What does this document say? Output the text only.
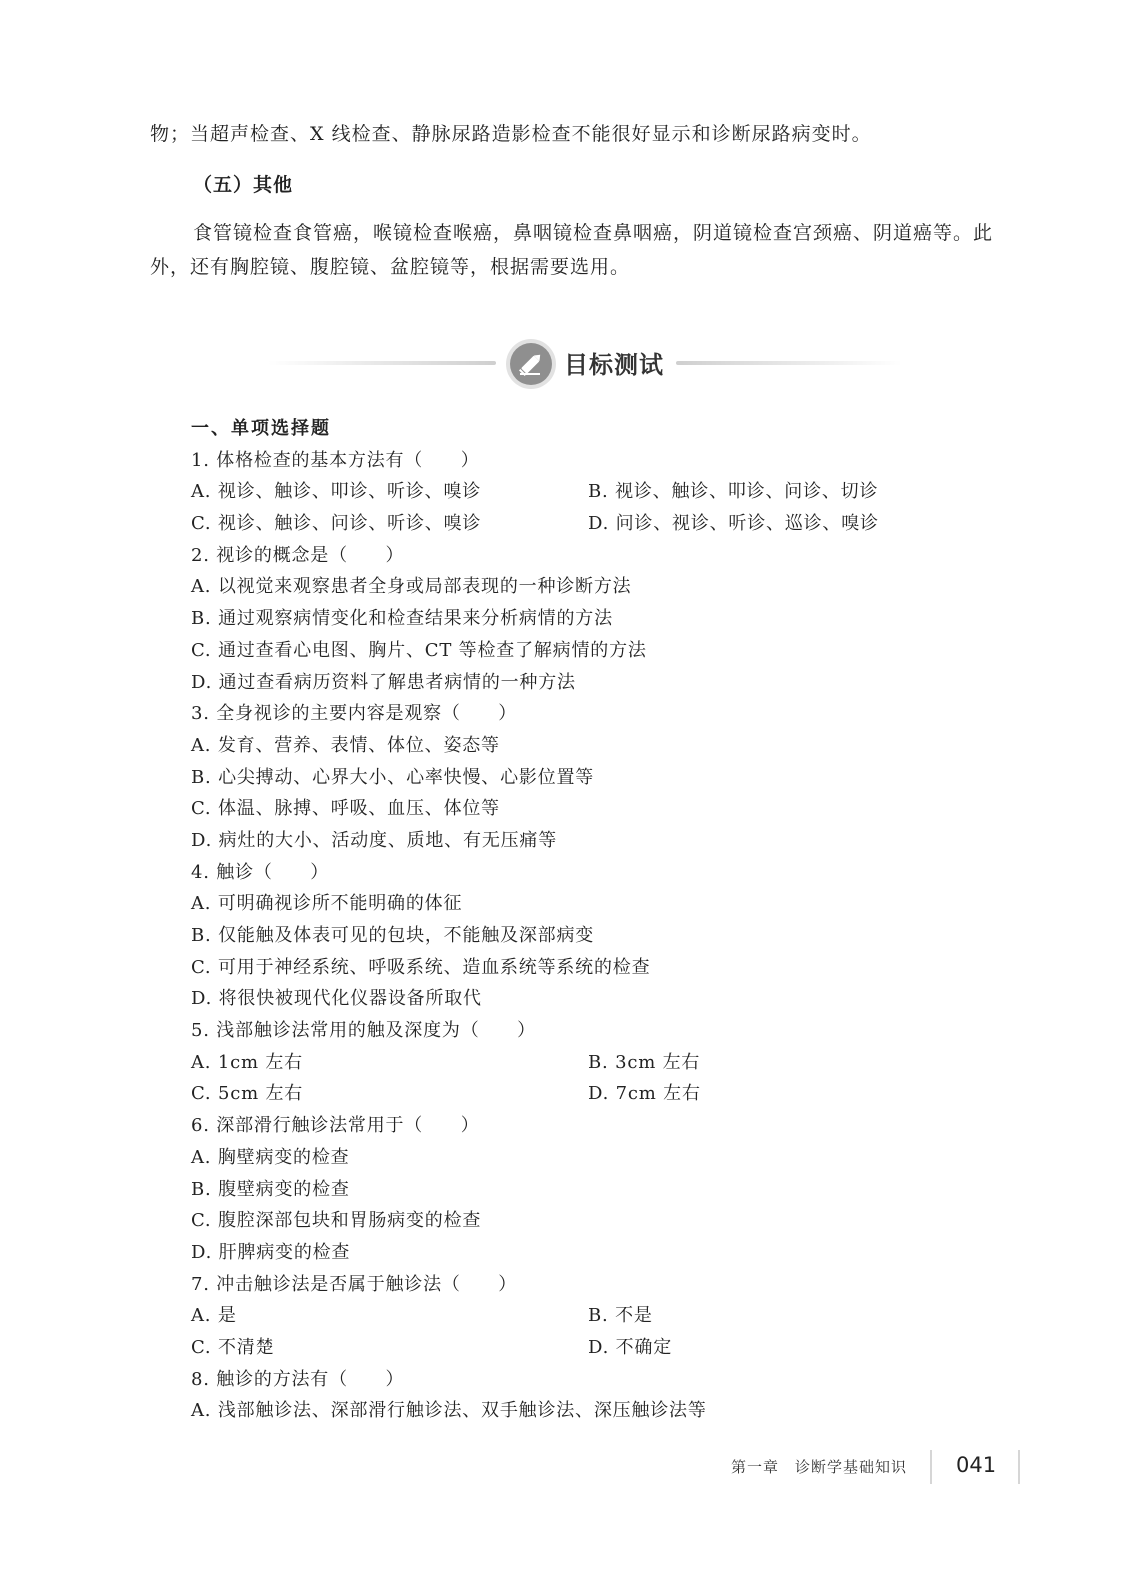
物；当超声检查、X 线检查、静脉尿路造影检查不能很好显示和诊断尿路病变时。
（五）其他
食管镜检查食管癌，喉镜检查喉癌，鼻咽镜检查鼻咽癌，阴道镜检查宫颈癌、阴道癌等。此外，还有胸腔镜、腹腔镜、盆腔镜等，根据需要选用。
目标测试
一、单项选择题
1. 体格检查的基本方法有（　　）
A. 视诊、触诊、叩诊、听诊、嗅诊	B. 视诊、触诊、叩诊、问诊、切诊
C. 视诊、触诊、问诊、听诊、嗅诊	D. 问诊、视诊、听诊、巡诊、嗅诊
2. 视诊的概念是（　　）
A. 以视觉来观察患者全身或局部表现的一种诊断方法
B. 通过观察病情变化和检查结果来分析病情的方法
C. 通过查看心电图、胸片、CT 等检查了解病情的方法
D. 通过查看病历资料了解患者病情的一种方法
3. 全身视诊的主要内容是观察（　　）
A. 发育、营养、表情、体位、姿态等
B. 心尖搏动、心界大小、心率快慢、心影位置等
C. 体温、脉搏、呼吸、血压、体位等
D. 病灶的大小、活动度、质地、有无压痛等
4. 触诊（　　）
A. 可明确视诊所不能明确的体征
B. 仅能触及体表可见的包块，不能触及深部病变
C. 可用于神经系统、呼吸系统、造血系统等系统的检查
D. 将很快被现代化仪器设备所取代
5. 浅部触诊法常用的触及深度为（　　）
A. 1cm 左右	B. 3cm 左右
C. 5cm 左右	D. 7cm 左右
6. 深部滑行触诊法常用于（　　）
A. 胸壁病变的检查
B. 腹壁病变的检查
C. 腹腔深部包块和胃肠病变的检查
D. 肝脾病变的检查
7. 冲击触诊法是否属于触诊法（　　）
A. 是	B. 不是
C. 不清楚	D. 不确定
8. 触诊的方法有（　　）
A. 浅部触诊法、深部滑行触诊法、双手触诊法、深压触诊法等
第一章　诊断学基础知识 041
